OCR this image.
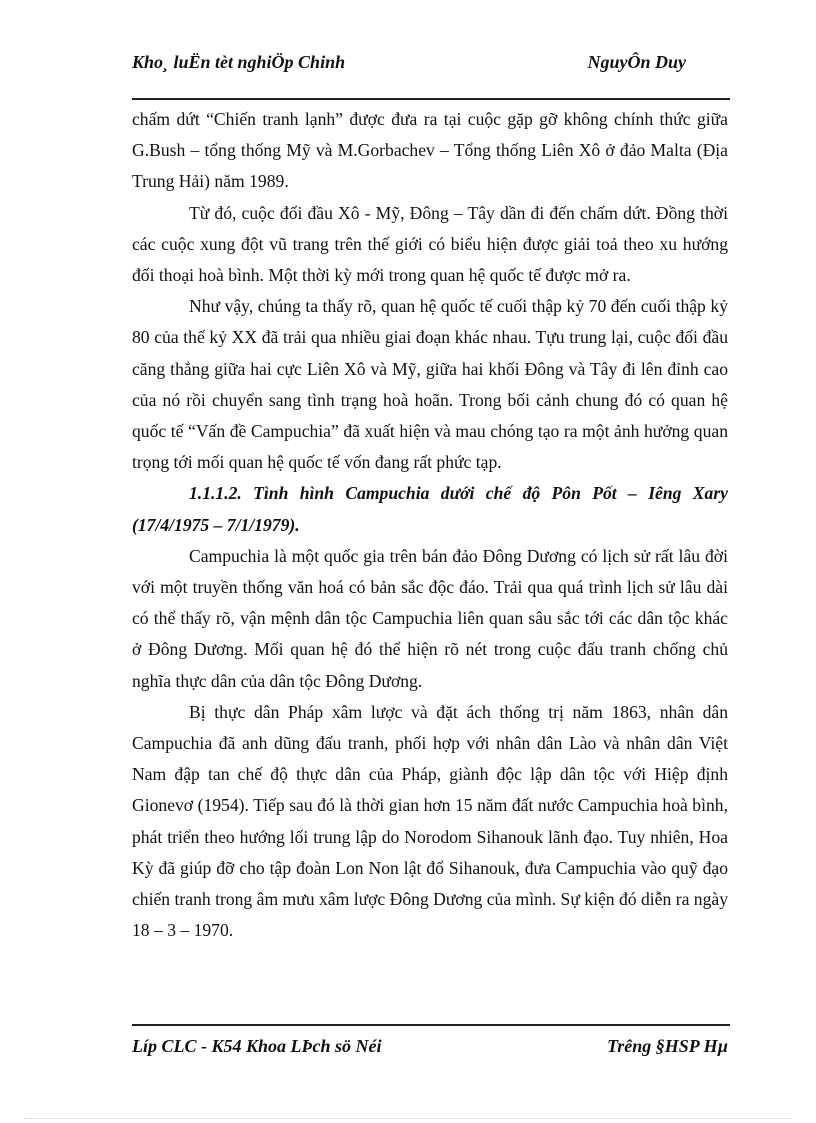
Kho¸ luËn tèt nghiÖp Chinh	NguyÔn Duy

chấm dứt “Chiến tranh lạnh” được đưa ra tại cuộc gặp gỡ không chính thức giữa G.Bush – tổng thống Mỹ và M.Gorbachev – Tổng thống Liên Xô ở đảo Malta (Địa Trung Hải) năm 1989.

Từ đó, cuộc đối đầu Xô - Mỹ, Đông – Tây dần đi đến chấm dứt. Đồng thời các cuộc xung đột vũ trang trên thế giới có biểu hiện được giải toả theo xu hướng đối thoại hoà bình. Một thời kỳ mới trong quan hệ quốc tế được mở ra.

Như vậy, chúng ta thấy rõ, quan hệ quốc tế cuối thập kỷ 70 đến cuối thập kỷ 80 của thế kỷ XX đã trải qua nhiều giai đoạn khác nhau. Tựu trung lại, cuộc đối đầu căng thẳng giữa hai cực Liên Xô và Mỹ, giữa hai khối Đông và Tây đi lên đỉnh cao của nó rồi chuyển sang tình trạng hoà hoãn. Trong bối cảnh chung đó có quan hệ quốc tế “Vấn đề Campuchia” đã xuất hiện và mau chóng tạo ra một ảnh hưởng quan trọng tới mối quan hệ quốc tế vốn đang rất phức tạp.

1.1.1.2. Tình hình Campuchia dưới chế độ Pôn Pốt – Iêng Xary (17/4/1975 – 7/1/1979).

Campuchia là một quốc gia trên bán đảo Đông Dương có lịch sử rất lâu đời với một truyền thống văn hoá có bản sắc độc đáo. Trải qua quá trình lịch sử lâu dài có thể thấy rõ, vận mệnh dân tộc Campuchia liên quan sâu sắc tới các dân tộc khác ở Đông Dương. Mối quan hệ đó thể hiện rõ nét trong cuộc đấu tranh chống chủ nghĩa thực dân của dân tộc Đông Dương.

Bị thực dân Pháp xâm lược và đặt ách thống trị năm 1863, nhân dân Campuchia đã anh dũng đấu tranh, phối hợp với nhân dân Lào và nhân dân Việt Nam đập tan chế độ thực dân của Pháp, giành độc lập dân tộc với Hiệp định Gionevơ (1954). Tiếp sau đó là thời gian hơn 15 năm đất nước Campuchia hoà bình, phát triển theo hướng lối trung lập do Norodom Sihanouk lãnh đạo. Tuy nhiên, Hoa Kỳ đã giúp đỡ cho tập đoàn Lon Non lật đổ Sihanouk, đưa Campuchia vào quỹ đạo chiến tranh trong âm mưu xâm lược Đông Dương của mình. Sự kiện đó diễn ra ngày 18 – 3 – 1970.

Líp CLC - K54 Khoa LÞch sö Néi	Trêng §HSP Hµ
